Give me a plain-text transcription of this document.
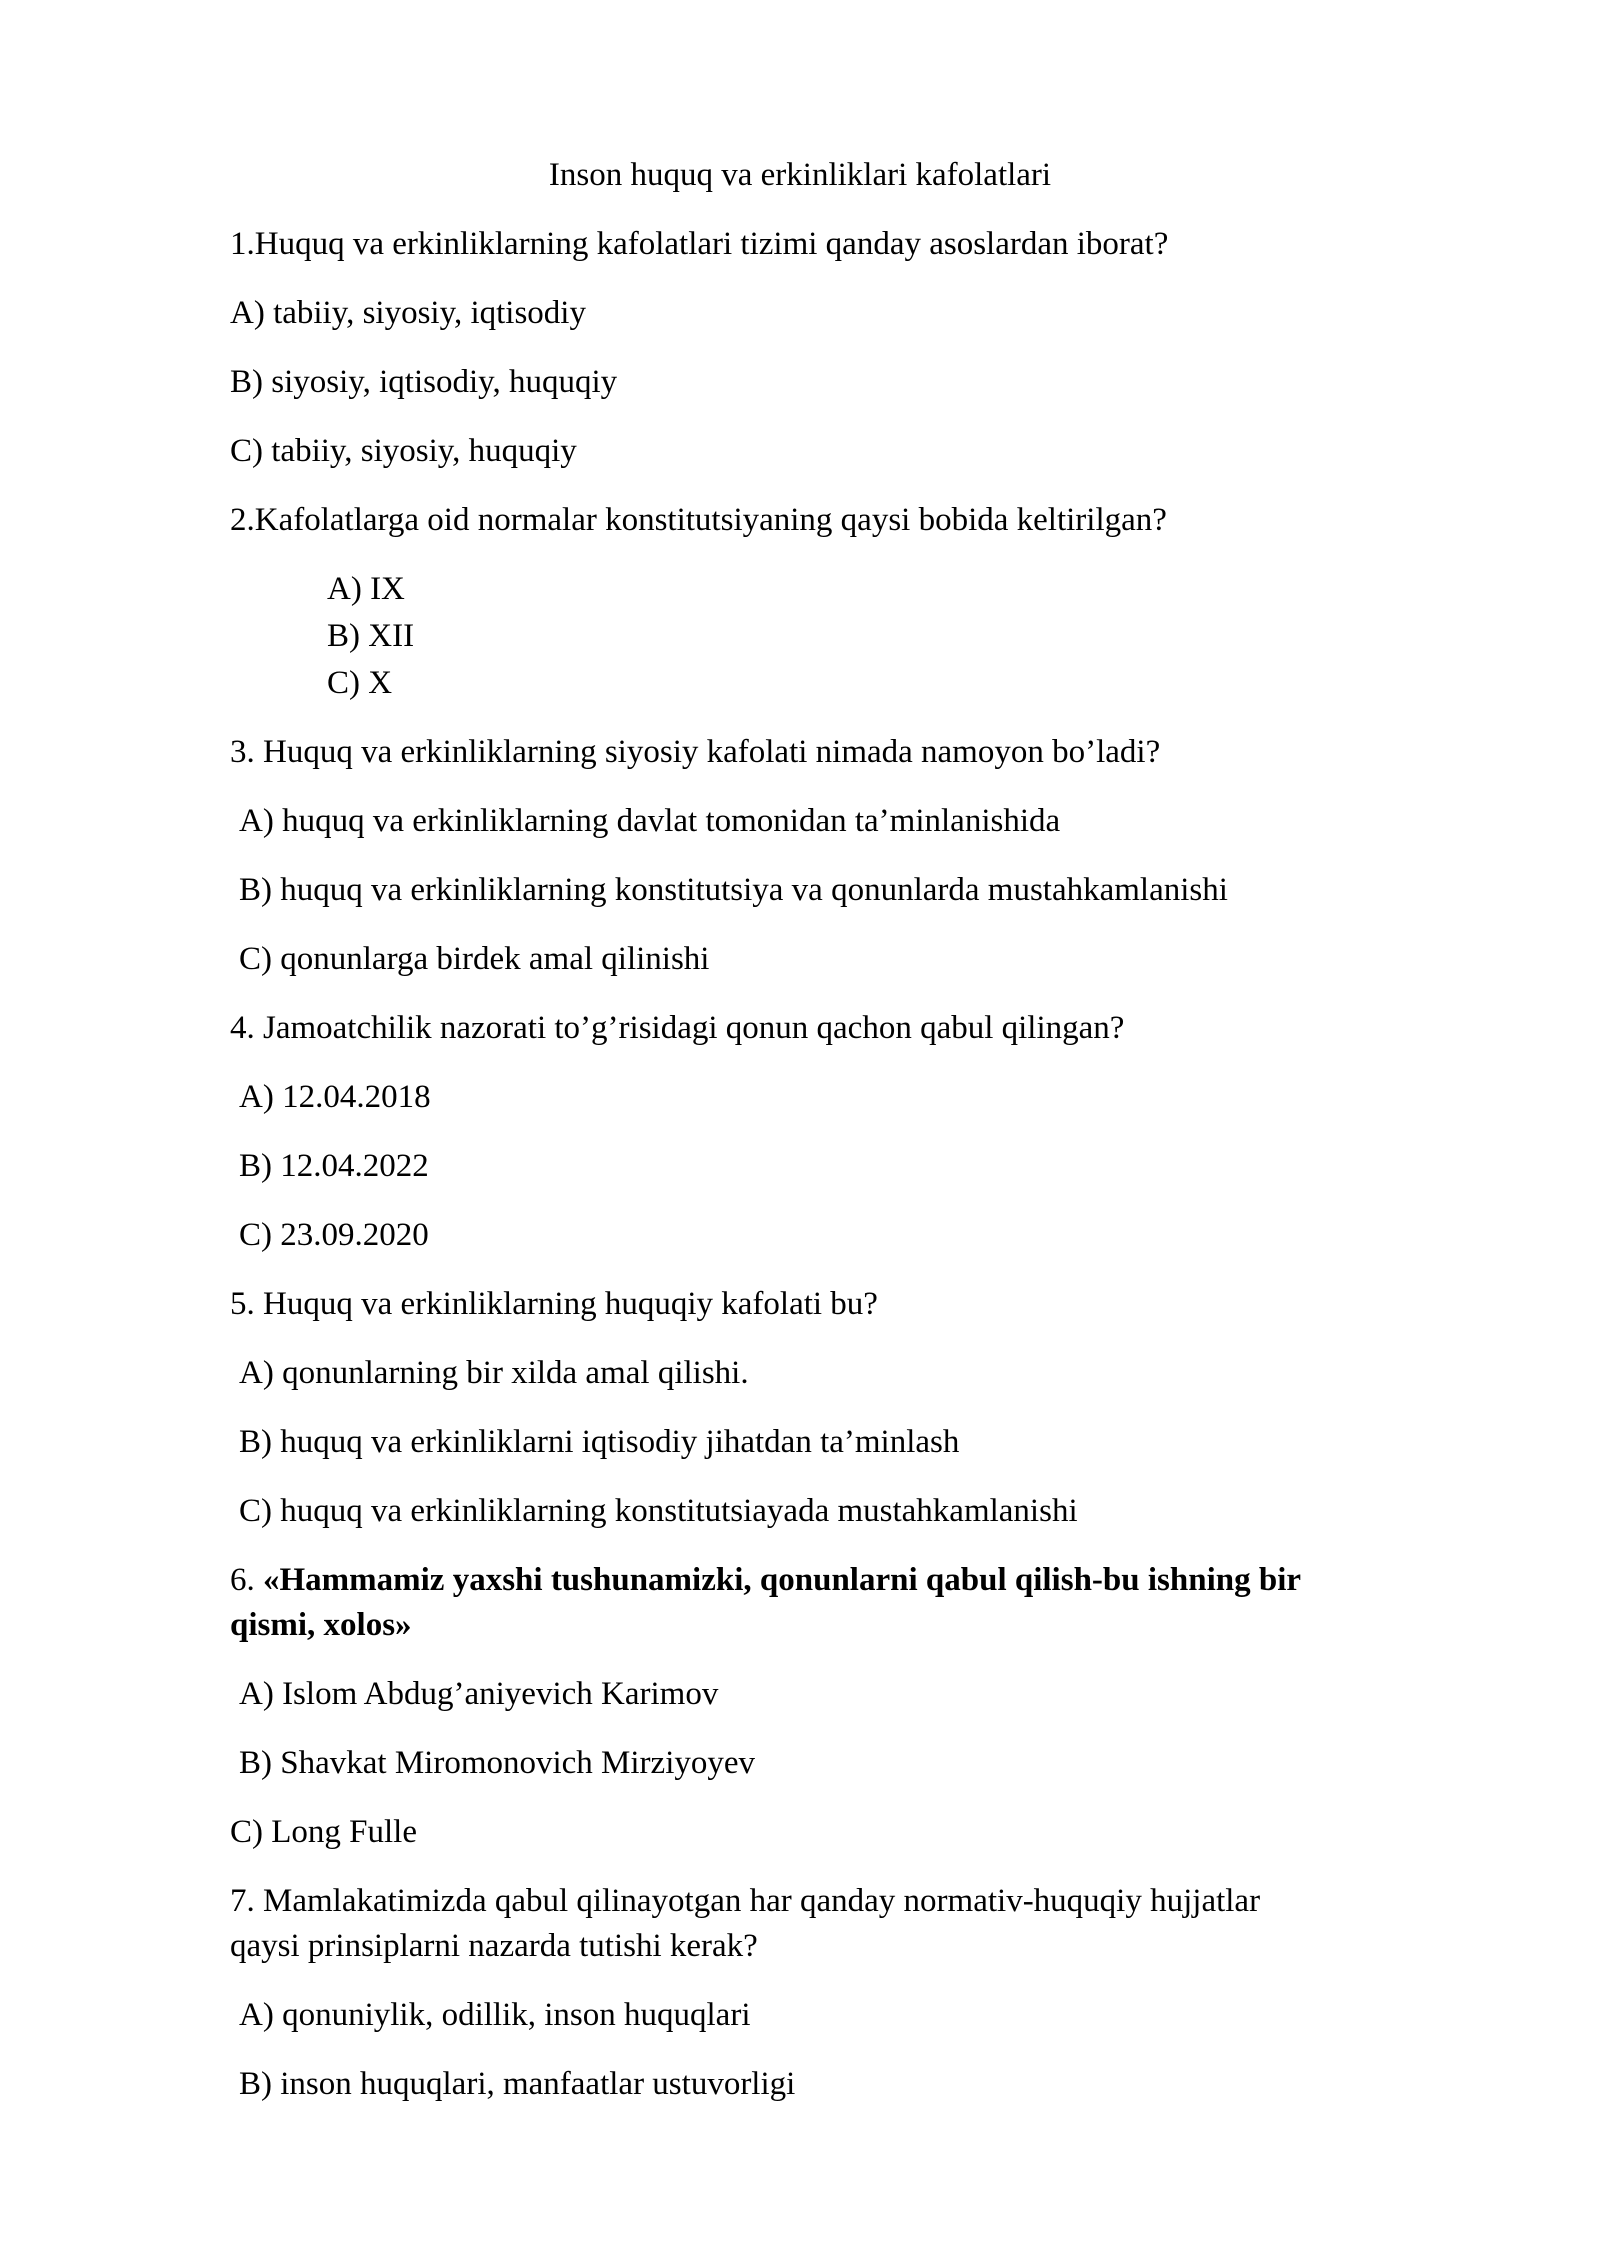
Inson huquq va erkinliklari kafolatlari

1.Huquq va erkinliklarning kafolatlari tizimi qanday asoslardan iborat?

A) tabiiy, siyosiy, iqtisodiy

B) siyosiy, iqtisodiy, huquqiy

C) tabiiy, siyosiy, huquqiy

2.Kafolatlarga oid normalar konstitutsiyaning qaysi bobida keltirilgan?

A) IX

B) XII

C) X

3. Huquq va erkinliklarning siyosiy kafolati nimada namoyon bo’ladi?

A) huquq va erkinliklarning davlat tomonidan ta’minlanishida

B) huquq va erkinliklarning konstitutsiya va qonunlarda mustahkamlanishi

C) qonunlarga birdek amal qilinishi

4. Jamoatchilik nazorati to’g’risidagi qonun qachon qabul qilingan?

A) 12.04.2018

B) 12.04.2022

C) 23.09.2020

5. Huquq va erkinliklarning huquqiy kafolati bu?

A) qonunlarning bir xilda amal qilishi.

B) huquq va erkinliklarni iqtisodiy jihatdan ta’minlash

C) huquq va erkinliklarning konstitutsiayada mustahkamlanishi

6. «Hammamiz yaxshi tushunamizki, qonunlarni qabul qilish-bu ishning bir

qismi, xolos»

A) Islom Abdug’aniyevich Karimov

B) Shavkat Miromonovich Mirziyoyev

C) Long Fulle

7. Mamlakatimizda qabul qilinayotgan har qanday normativ-huquqiy hujjatlar

qaysi prinsiplarni nazarda tutishi kerak?

A) qonuniylik, odillik, inson huquqlari

B) inson huquqlari, manfaatlar ustuvorligi
